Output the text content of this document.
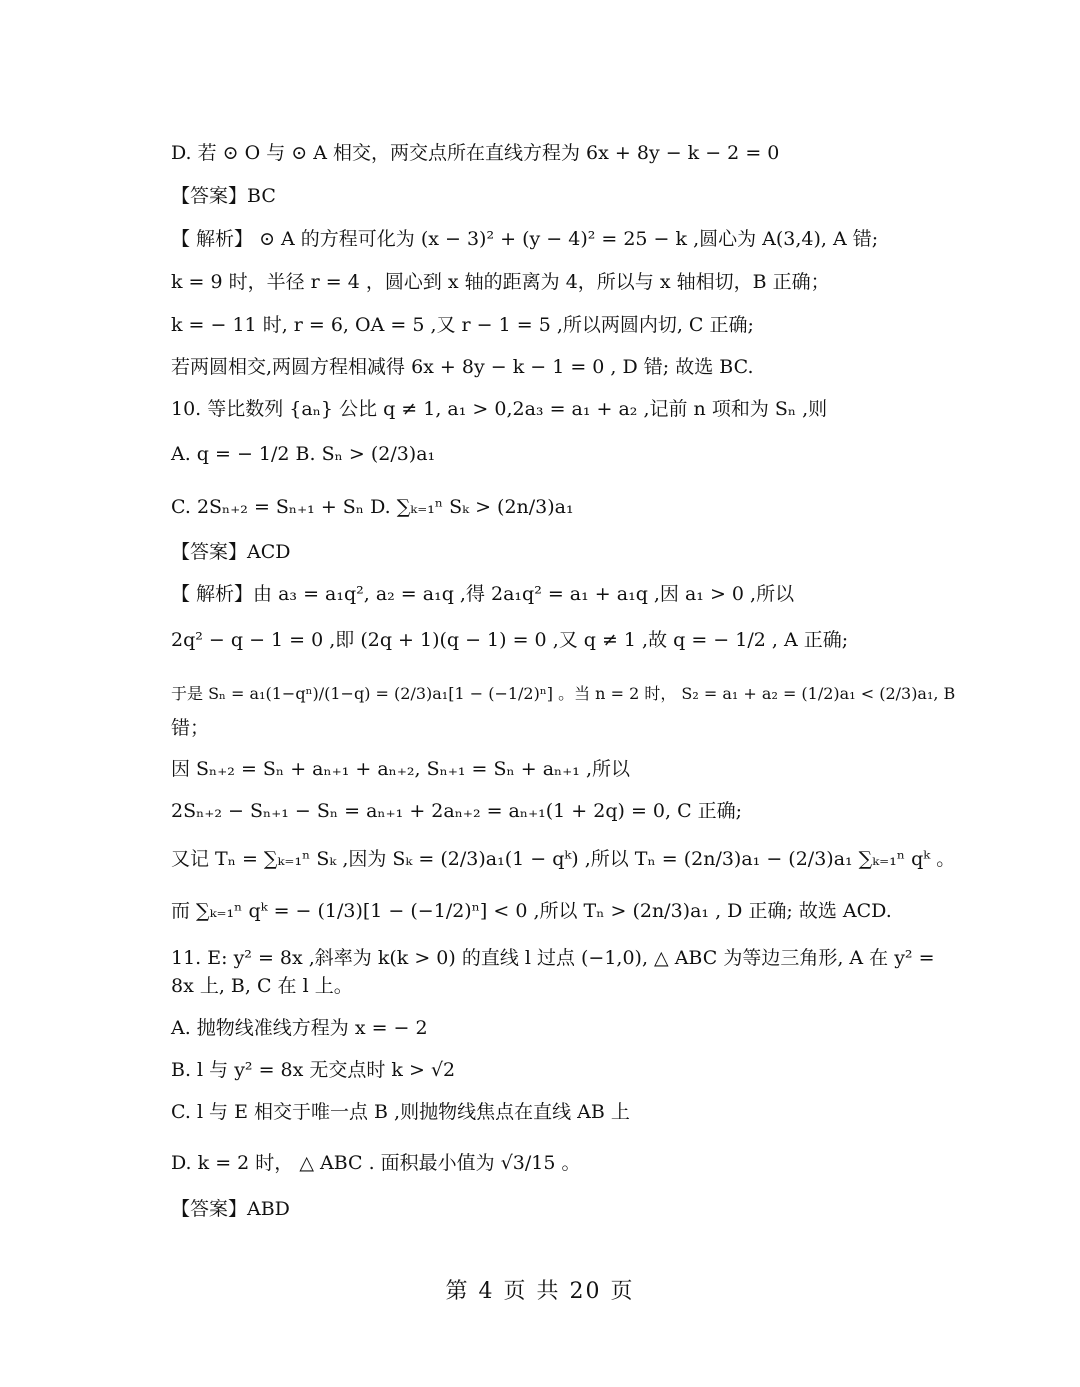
D. 若 ⊙ O 与 ⊙ A 相交，两交点所在直线方程为 6x + 8y − k − 2 = 0
【答案】BC
【 解析】 ⊙ A 的方程可化为 (x − 3)² + (y − 4)² = 25 − k ,圆心为 A(3,4), A 错;
k = 9 时，半径 r = 4 ，圆心到 x 轴的距离为 4，所以与 x 轴相切，B 正确；
k = − 11 时, r = 6, OA = 5 ,又 r − 1 = 5 ,所以两圆内切, C 正确;
若两圆相交,两圆方程相减得 6x + 8y − k − 1 = 0 , D 错; 故选 BC.
10. 等比数列 {aₙ} 公比 q ≠ 1, a₁ > 0,2a₃ = a₁ + a₂ ,记前 n 项和为 Sₙ ,则
A. q = − 1/2 B. Sₙ > (2/3)a₁
C. 2Sₙ₊₂ = Sₙ₊₁ + Sₙ D. ∑ₖ₌₁ⁿ Sₖ > (2n/3)a₁
【答案】ACD
【 解析】由 a₃ = a₁q², a₂ = a₁q ,得 2a₁q² = a₁ + a₁q ,因 a₁ > 0 ,所以
2q² − q − 1 = 0 ,即 (2q + 1)(q − 1) = 0 ,又 q ≠ 1 ,故 q = − 1/2 , A 正确;
于是 Sₙ = a₁(1−qⁿ)/(1−q) = (2/3)a₁[1 − (−1/2)ⁿ] 。当 n = 2 时， S₂ = a₁ + a₂ = (1/2)a₁ < (2/3)a₁, B
错；
因 Sₙ₊₂ = Sₙ + aₙ₊₁ + aₙ₊₂, Sₙ₊₁ = Sₙ + aₙ₊₁ ,所以
2Sₙ₊₂ − Sₙ₊₁ − Sₙ = aₙ₊₁ + 2aₙ₊₂ = aₙ₊₁(1 + 2q) = 0, C 正确;
又记 Tₙ = ∑ₖ₌₁ⁿ Sₖ ,因为 Sₖ = (2/3)a₁(1 − qᵏ) ,所以 Tₙ = (2n/3)a₁ − (2/3)a₁ ∑ₖ₌₁ⁿ qᵏ 。
而 ∑ₖ₌₁ⁿ qᵏ = − (1/3)[1 − (−1/2)ⁿ] < 0 ,所以 Tₙ > (2n/3)a₁ , D 正确; 故选 ACD.
11. E: y² = 8x ,斜率为 k(k > 0) 的直线 l 过点 (−1,0), △ ABC 为等边三角形, A 在 y² =
8x 上, B, C 在 l 上。
A. 抛物线准线方程为 x = − 2
B. l 与 y² = 8x 无交点时 k > √2
C. l 与 E 相交于唯一点 B ,则抛物线焦点在直线 AB 上
D. k = 2 时， △ ABC . 面积最小值为 √3/15 。
【答案】ABD
第 4 页 共 20 页
